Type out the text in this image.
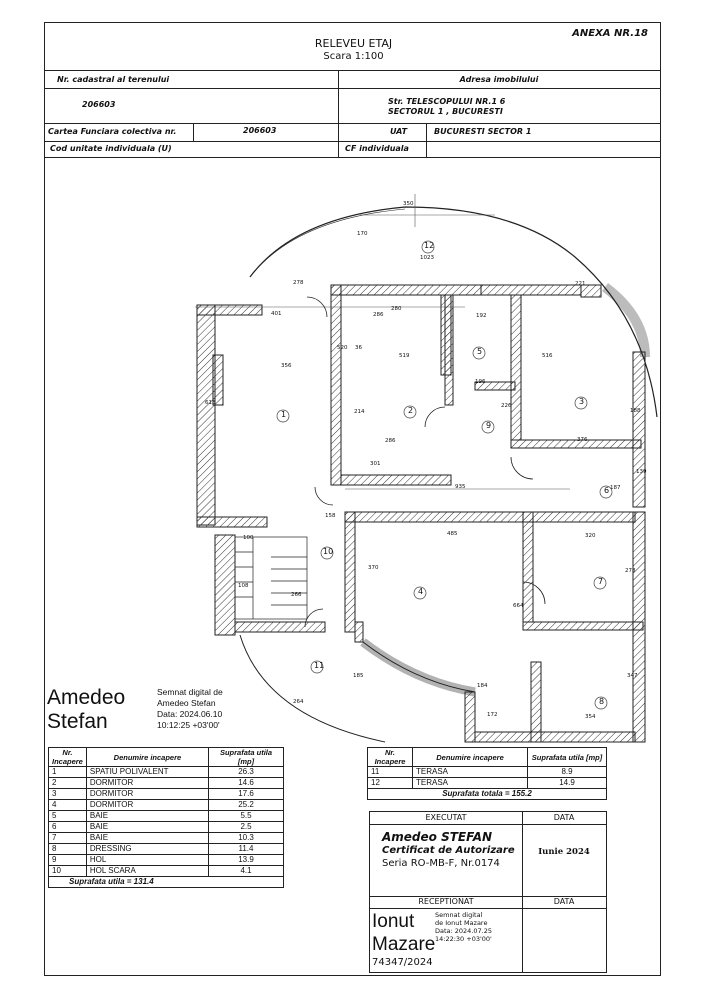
ANEXA NR.18
RELEVEU ETAJ
Scara 1:100
Nr. cadastral al terenului	Adresa imobilului
206603	Str. TELESCOPULUI NR.1 6
SECTORUL 1 , BUCURESTI
Cartea Funciara colectiva nr.	206603	UAT	BUCURESTI SECTOR 1
Cod unitate individuala (U)	CF individuala
1	2
3
4
5
6
7
8
9
10
11
12
350
170
1023
278
401
221
280
192
286
356
520
519	516
36
196
613
214
286
226
188
376
301
935	187
139
158
100
485	320
370	278
664
347
184
172	354
264
266
185
108
Amedeo
Stefan
Semnat digital de
Amedeo Stefan
Data: 2024.06.10
10:12:25 +03'00'
Nr. Incapere	Denumire incapere	Suprafata utila [mp]
1	SPATIU POLIVALENT	26.3
2	DORMITOR	14.6
3	DORMITOR	17.6
4	DORMITOR	25.2
5	BAIE	5.5
6	BAIE	2.5
7	BAIE	10.3
8	DRESSING	11.4
9	HOL	13.9
10	HOL SCARA	4.1
Suprafata utila = 131.4		
Nr. Incapere	Denumire incapere	Suprafata utila [mp]
11	TERASA	8.9
12	TERASA	14.9
Suprafata totala = 155.2		
EXECUTAT	DATA
Amedeo STEFAN
Certificat de Autorizare
Seria RO-MB-F, Nr.0174
Iunie 2024
RECEPTIONAT	DATA
Ionut
Mazare
Semnat digital
de Ionut Mazare
Data: 2024.07.25
14:22:30 +03'00'
74347/2024
